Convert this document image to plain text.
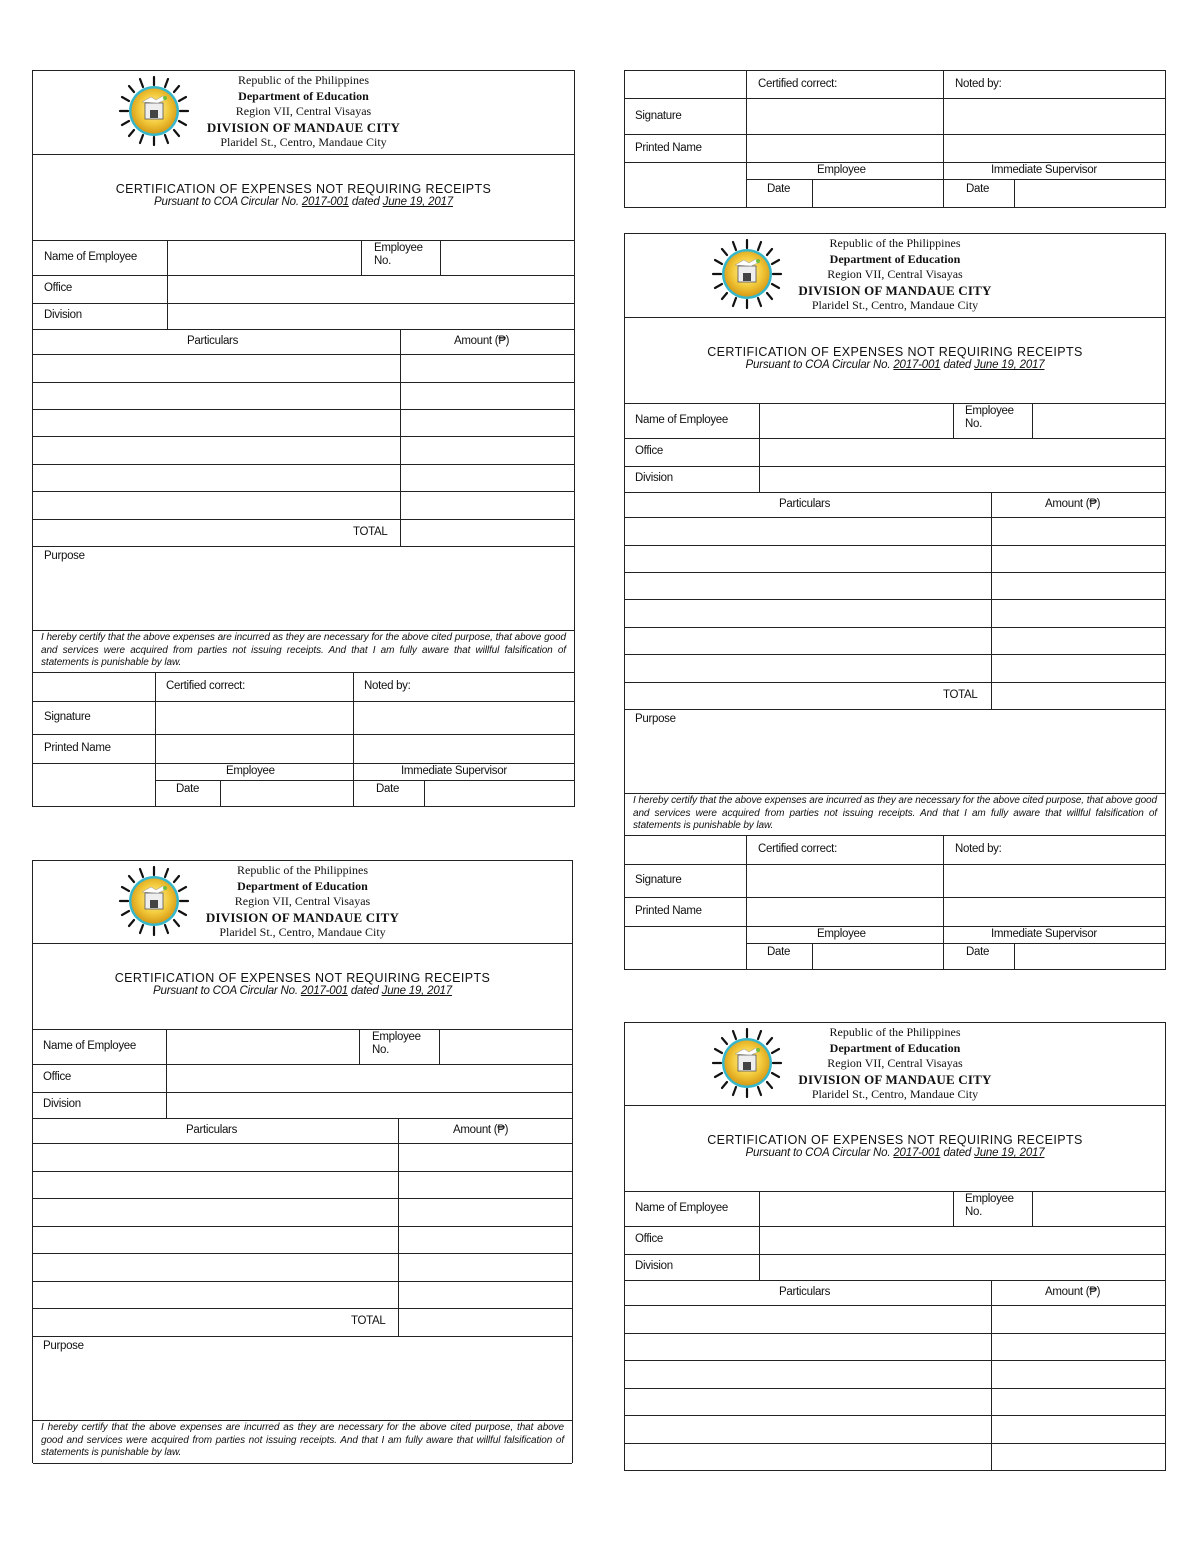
Republic of the Philippines
Department of Education
Region VII, Central Visayas
DIVISION OF MANDAUE CITY
Plaridel St., Centro, Mandaue City
CERTIFICATION OF EXPENSES NOT REQUIRING RECEIPTS
Pursuant to COA Circular No. 2017-001 dated June 19, 2017
Name of Employee
Employee
No.
Office
Division
Particulars	Amount (₱)
TOTAL
Purpose
I hereby certify that the above expenses are incurred as they are necessary for the above cited purpose, that above good and services were acquired from parties not issuing receipts. And that I am fully aware that willful falsification of statements is punishable by law.
Certified correct:	Noted by:
Signature
Printed Name
Employee	Immediate Supervisor
Date	Date
Republic of the Philippines
Department of Education
Region VII, Central Visayas
DIVISION OF MANDAUE CITY
Plaridel St., Centro, Mandaue City
CERTIFICATION OF EXPENSES NOT REQUIRING RECEIPTS
Pursuant to COA Circular No. 2017-001 dated June 19, 2017
Name of Employee
Employee
No.
Office
Division
Particulars	Amount (₱)
TOTAL
Purpose
I hereby certify that the above expenses are incurred as they are necessary for the above cited purpose, that above good and services were acquired from parties not issuing receipts. And that I am fully aware that willful falsification of statements is punishable by law.
Certified correct:	Noted by:
Signature
Printed Name
Employee	Immediate Supervisor
Date	Date
Republic of the Philippines
Department of Education
Region VII, Central Visayas
DIVISION OF MANDAUE CITY
Plaridel St., Centro, Mandaue City
CERTIFICATION OF EXPENSES NOT REQUIRING RECEIPTS
Pursuant to COA Circular No. 2017-001 dated June 19, 2017
Name of Employee
Employee
No.
Office
Division
Particulars	Amount (₱)
TOTAL
Purpose
I hereby certify that the above expenses are incurred as they are necessary for the above cited purpose, that above good and services were acquired from parties not issuing receipts. And that I am fully aware that willful falsification of statements is punishable by law.
Certified correct:	Noted by:
Signature
Printed Name
Employee	Immediate Supervisor
Date	Date
Republic of the Philippines
Department of Education
Region VII, Central Visayas
DIVISION OF MANDAUE CITY
Plaridel St., Centro, Mandaue City
CERTIFICATION OF EXPENSES NOT REQUIRING RECEIPTS
Pursuant to COA Circular No. 2017-001 dated June 19, 2017
Name of Employee
Employee
No.
Office
Division
Particulars	Amount (₱)
